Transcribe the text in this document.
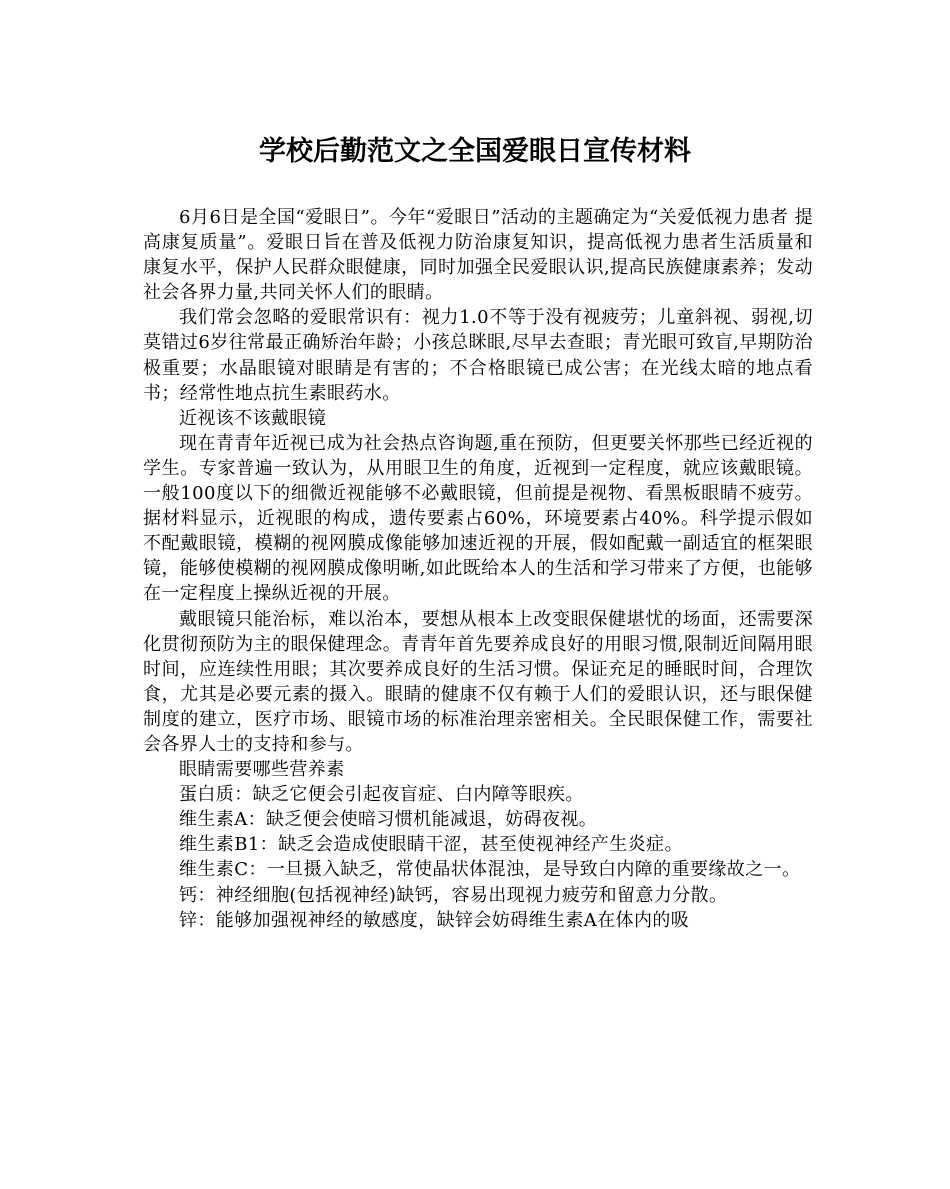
学校后勤范文之全国爱眼日宣传材料

6月6日是全国“爱眼日”。今年“爱眼日”活动的主题确定为“关爱低视力患者 提高康复质量”。爱眼日旨在普及低视力防治康复知识，提高低视力患者生活质量和康复水平，保护人民群众眼健康，同时加强全民爱眼认识,提高民族健康素养；发动社会各界力量,共同关怀人们的眼睛。

我们常会忽略的爱眼常识有：视力1.0不等于没有视疲劳；儿童斜视、弱视,切莫错过6岁往常最正确矫治年龄；小孩总眯眼,尽早去查眼；青光眼可致盲,早期防治极重要；水晶眼镜对眼睛是有害的；不合格眼镜已成公害；在光线太暗的地点看书；经常性地点抗生素眼药水。

近视该不该戴眼镜

现在青青年近视已成为社会热点咨询题,重在预防，但更要关怀那些已经近视的学生。专家普遍一致认为，从用眼卫生的角度，近视到一定程度，就应该戴眼镜。一般100度以下的细微近视能够不必戴眼镜，但前提是视物、看黑板眼睛不疲劳。据材料显示，近视眼的构成，遗传要素占60%，环境要素占40%。科学提示假如不配戴眼镜，模糊的视网膜成像能够加速近视的开展，假如配戴一副适宜的框架眼镜，能够使模糊的视网膜成像明晰,如此既给本人的生活和学习带来了方便，也能够在一定程度上操纵近视的开展。

戴眼镜只能治标，难以治本，要想从根本上改变眼保健堪忧的场面，还需要深化贯彻预防为主的眼保健理念。青青年首先要养成良好的用眼习惯,限制近间隔用眼时间，应连续性用眼；其次要养成良好的生活习惯。保证充足的睡眠时间，合理饮食，尤其是必要元素的摄入。眼睛的健康不仅有赖于人们的爱眼认识，还与眼保健制度的建立，医疗市场、眼镜市场的标准治理亲密相关。全民眼保健工作，需要社会各界人士的支持和参与。

眼睛需要哪些营养素

蛋白质：缺乏它便会引起夜盲症、白内障等眼疾。

维生素A：缺乏便会使暗习惯机能减退，妨碍夜视。

维生素B1：缺乏会造成使眼睛干涩，甚至使视神经产生炎症。

维生素C：一旦摄入缺乏，常使晶状体混浊，是导致白内障的重要缘故之一。

钙：神经细胞(包括视神经)缺钙，容易出现视力疲劳和留意力分散。

锌：能够加强视神经的敏感度，缺锌会妨碍维生素A在体内的吸
